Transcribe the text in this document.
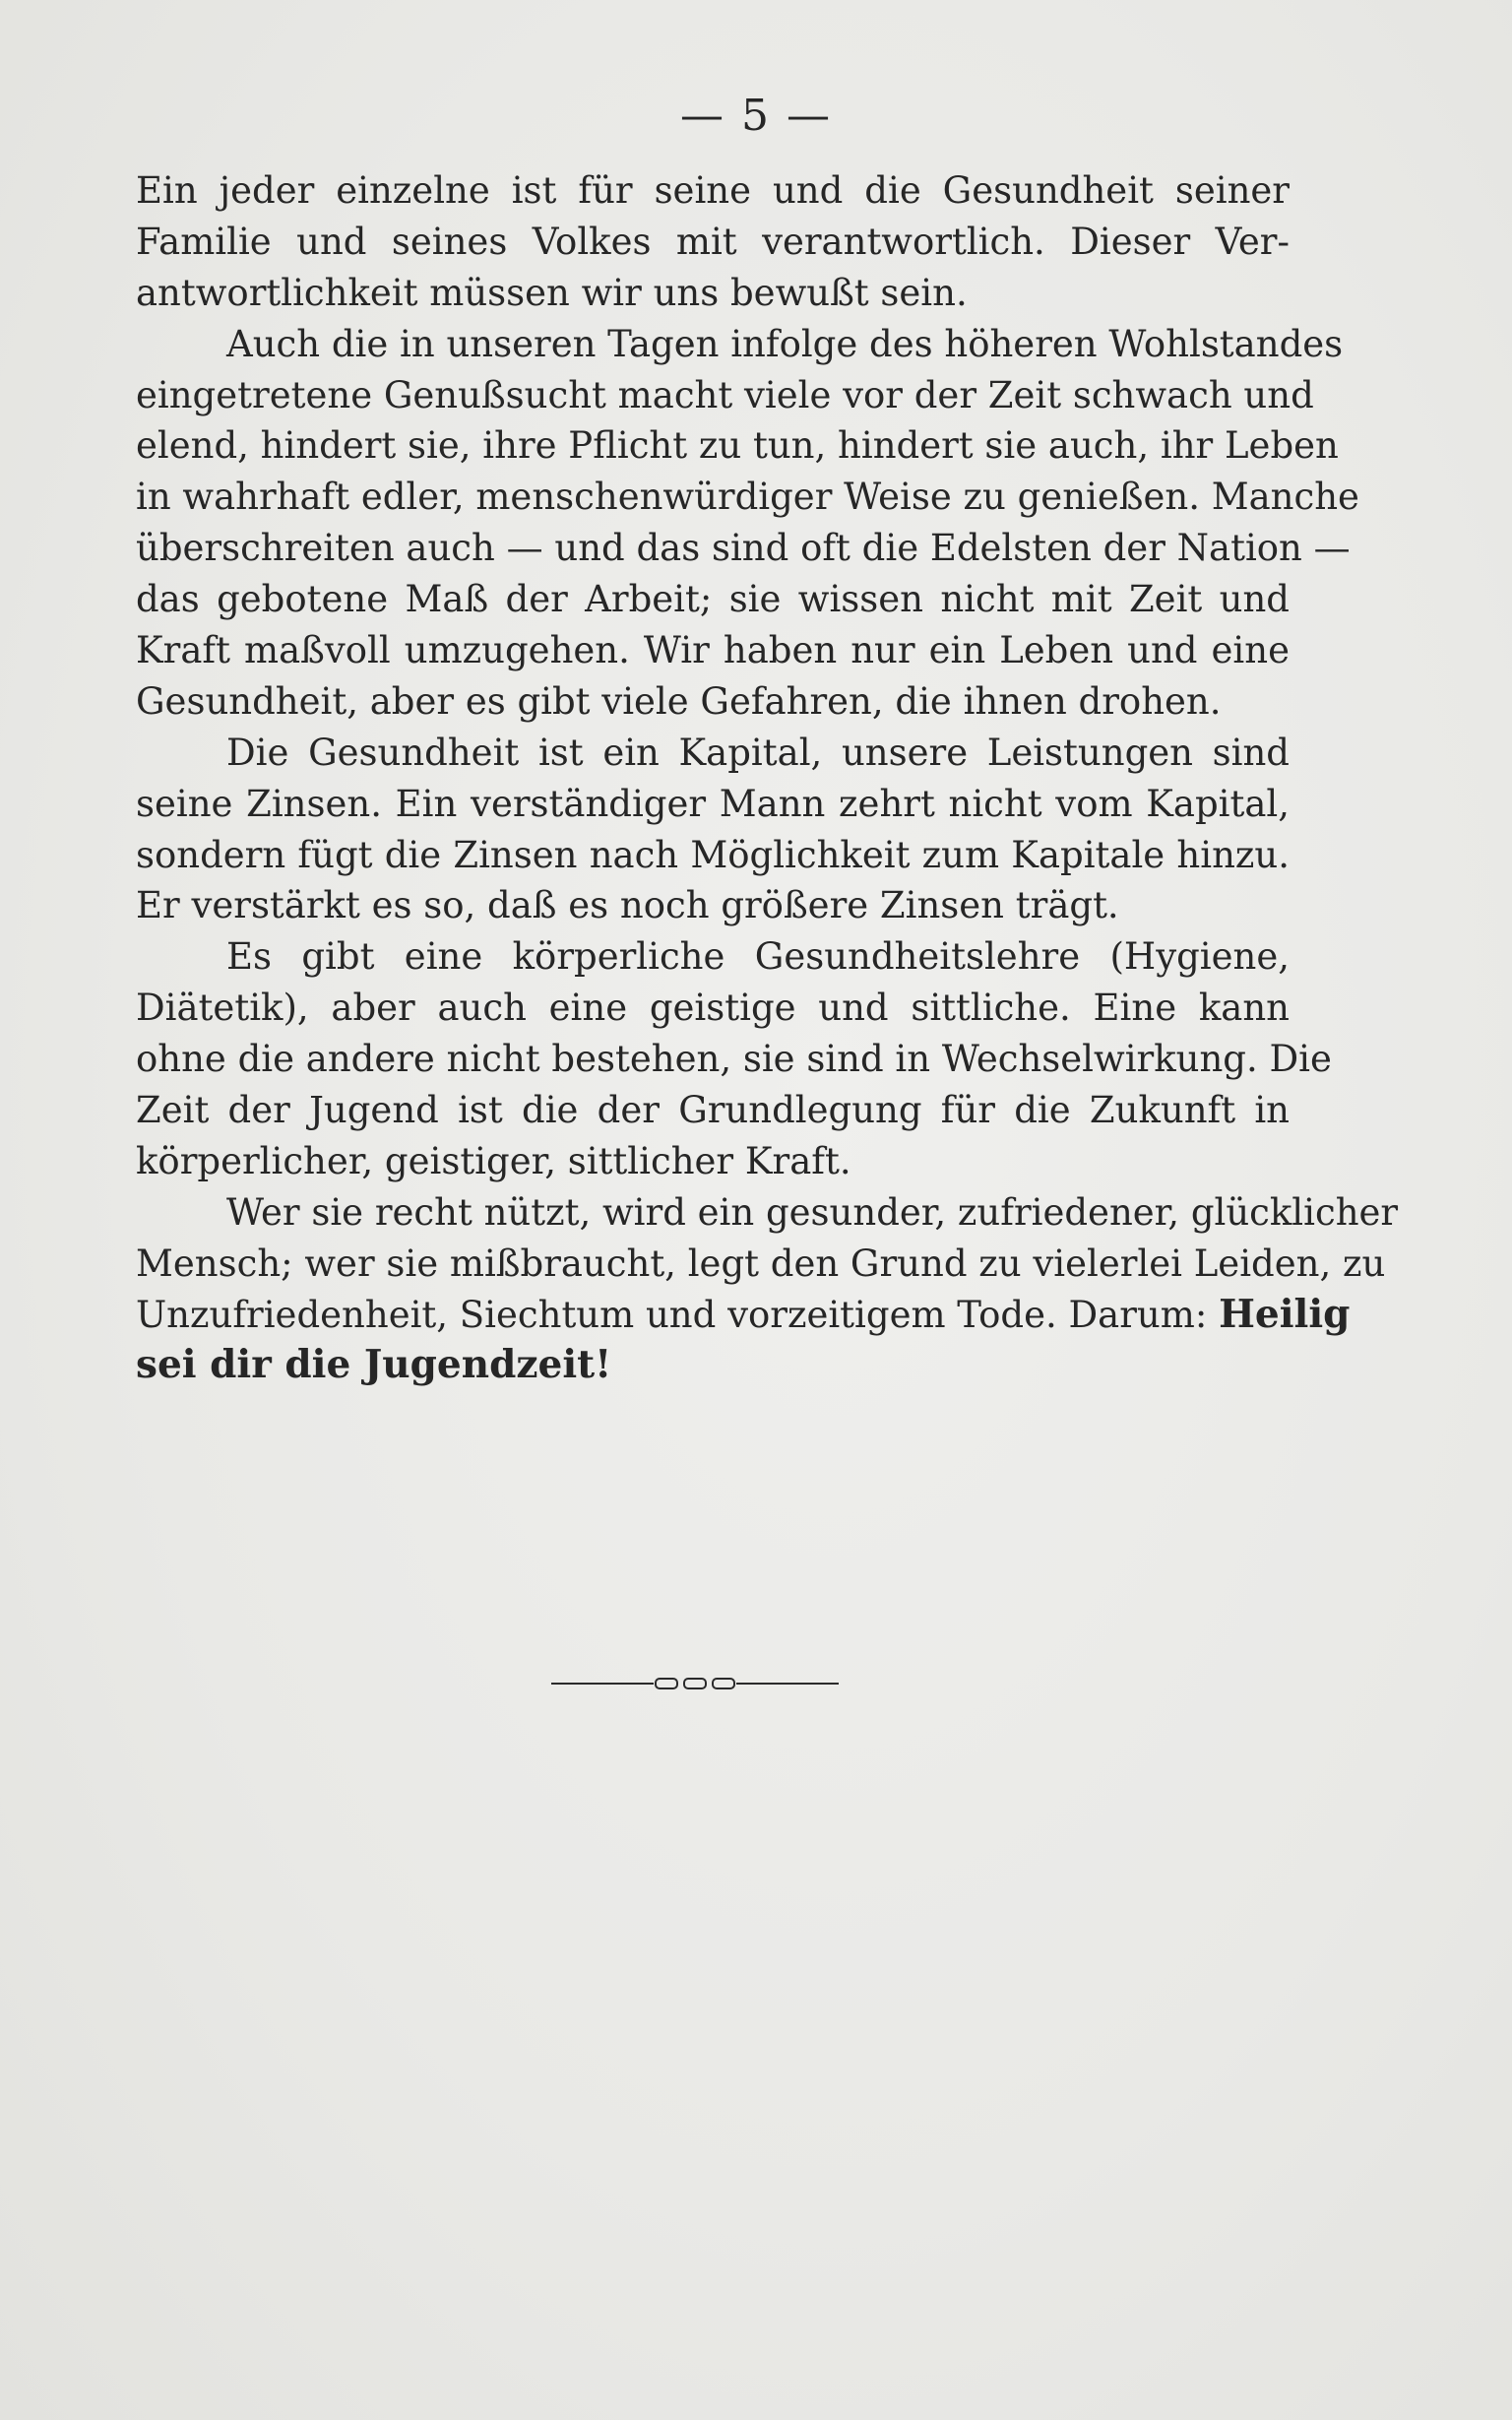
— 5 —
Ein jeder einzelne ist für seine und die Gesundheit seiner
Familie und seines Volkes mit verantwortlich. Dieser Ver-
antwortlichkeit müssen wir uns bewußt sein.
Auch die in unseren Tagen infolge des höheren Wohlstandes
eingetretene Genußsucht macht viele vor der Zeit schwach und
elend, hindert sie, ihre Pflicht zu tun, hindert sie auch, ihr Leben
in wahrhaft edler, menschenwürdiger Weise zu genießen. Manche
überschreiten auch — und das sind oft die Edelsten der Nation —
das gebotene Maß der Arbeit; sie wissen nicht mit Zeit und
Kraft maßvoll umzugehen. Wir haben nur ein Leben und eine
Gesundheit, aber es gibt viele Gefahren, die ihnen drohen.
Die Gesundheit ist ein Kapital, unsere Leistungen sind
seine Zinsen. Ein verständiger Mann zehrt nicht vom Kapital,
sondern fügt die Zinsen nach Möglichkeit zum Kapitale hinzu.
Er verstärkt es so, daß es noch größere Zinsen trägt.
Es gibt eine körperliche Gesundheitslehre (Hygiene,
Diätetik), aber auch eine geistige und sittliche. Eine kann
ohne die andere nicht bestehen, sie sind in Wechselwirkung. Die
Zeit der Jugend ist die der Grundlegung für die Zukunft in
körperlicher, geistiger, sittlicher Kraft.
Wer sie recht nützt, wird ein gesunder, zufriedener, glücklicher
Mensch; wer sie mißbraucht, legt den Grund zu vielerlei Leiden, zu
Unzufriedenheit, Siechtum und vorzeitigem Tode. Darum: Heilig
sei dir die Jugendzeit!
